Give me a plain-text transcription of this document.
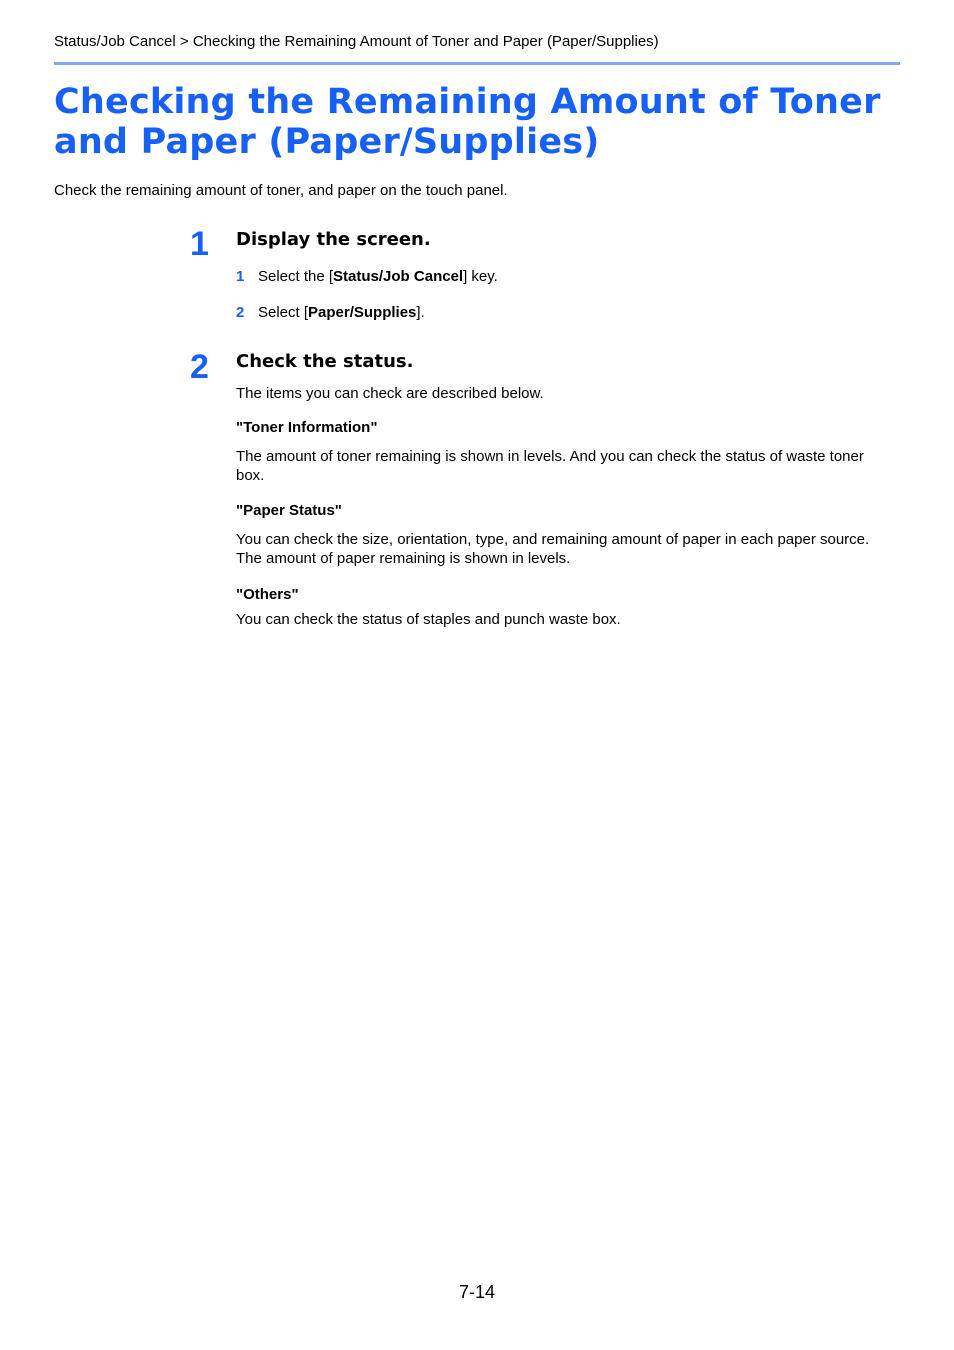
Status/Job Cancel > Checking the Remaining Amount of Toner and Paper (Paper/Supplies)
Checking the Remaining Amount of Toner and Paper (Paper/Supplies)
Check the remaining amount of toner, and paper on the touch panel.
1 Display the screen.
1 Select the [Status/Job Cancel] key.
2 Select [Paper/Supplies].
2 Check the status.
The items you can check are described below.
"Toner Information"
The amount of toner remaining is shown in levels. And you can check the status of waste toner box.
"Paper Status"
You can check the size, orientation, type, and remaining amount of paper in each paper source. The amount of paper remaining is shown in levels.
"Others"
You can check the status of staples and punch waste box.
7-14
